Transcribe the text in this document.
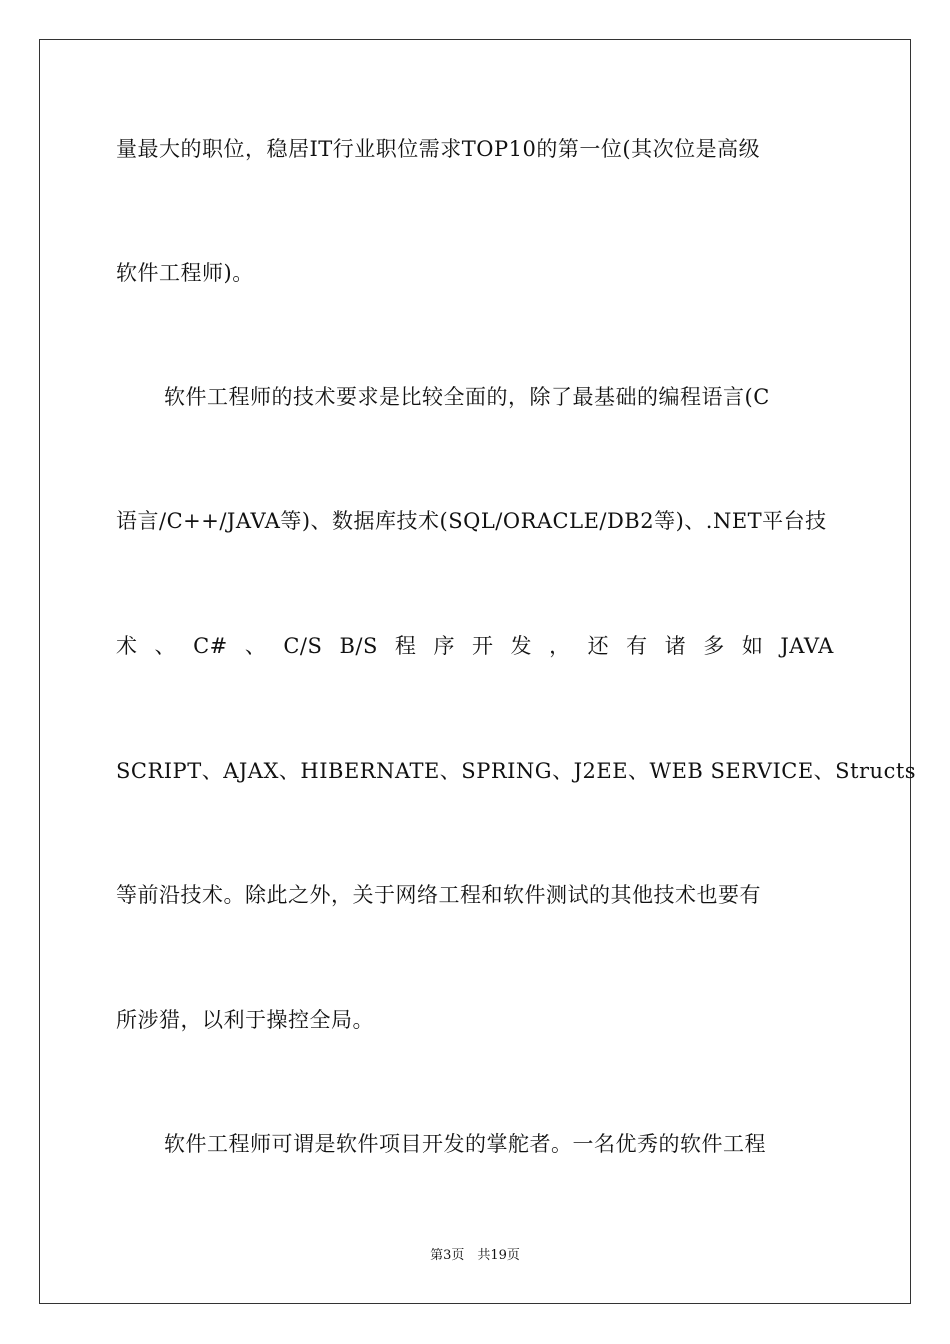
量最大的职位，稳居IT行业职位需求TOP10的第一位(其次位是高级
软件工程师)。
软件工程师的技术要求是比较全面的，除了最基础的编程语言(C
语言/C++/JAVA等)、数据库技术(SQL/ORACLE/DB2等)、.NET平台技
术 、 C# 、 C/S B/S 程 序 开 发 ， 还 有 诸 多 如 JAVA
SCRIPT、AJAX、HIBERNATE、SPRING、J2EE、WEB SERVICE、Structs
等前沿技术。除此之外，关于网络工程和软件测试的其他技术也要有
所涉猎，以利于操控全局。
软件工程师可谓是软件项目开发的掌舵者。一名优秀的软件工程
第3页　共19页
